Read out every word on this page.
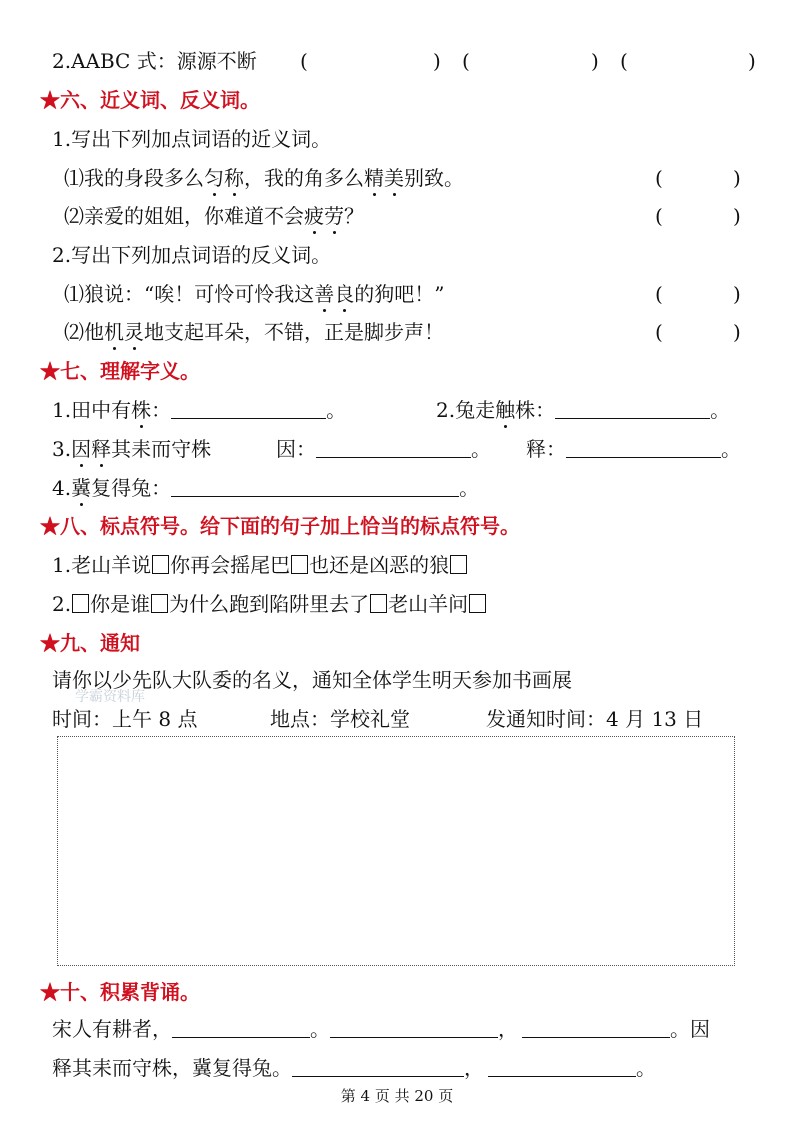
2.AABC 式：源源不断 (	) (	) (	)
★六、近义词、反义词。
1.写出下列加点词语的近义词。
⑴我的身段多么匀称，我的角多么精美别致。	(	)
⑵亲爱的姐姐，你难道不会疲劳？	(	)
2.写出下列加点词语的反义词。
⑴狼说：“唉！可怜可怜我这善良的狗吧！”	(	)
⑵他机灵地支起耳朵，不错，正是脚步声！	(	)
★七、理解字义。
1.田中有株：	。	2.兔走触株：	。
3.因释其耒而守株	因：	。 释：	。
4.冀复得兔：	。
★八、标点符号。给下面的句子加上恰当的标点符号。
1.老山羊说 你再会摇尾巴 也还是凶恶的狼
2. 你是谁 为什么跑到陷阱里去了 老山羊问
★九、通知
请你以少先队大队委的名义，通知全体学生明天参加书画展
学霸资料库
时间：上午 8 点	地点：学校礼堂	发通知时间：4 月 13 日
★十、积累背诵。
宋人有耕者，	。	，	。因
释其耒而守株，冀复得兔。	，	。
第 4 页 共 20 页
